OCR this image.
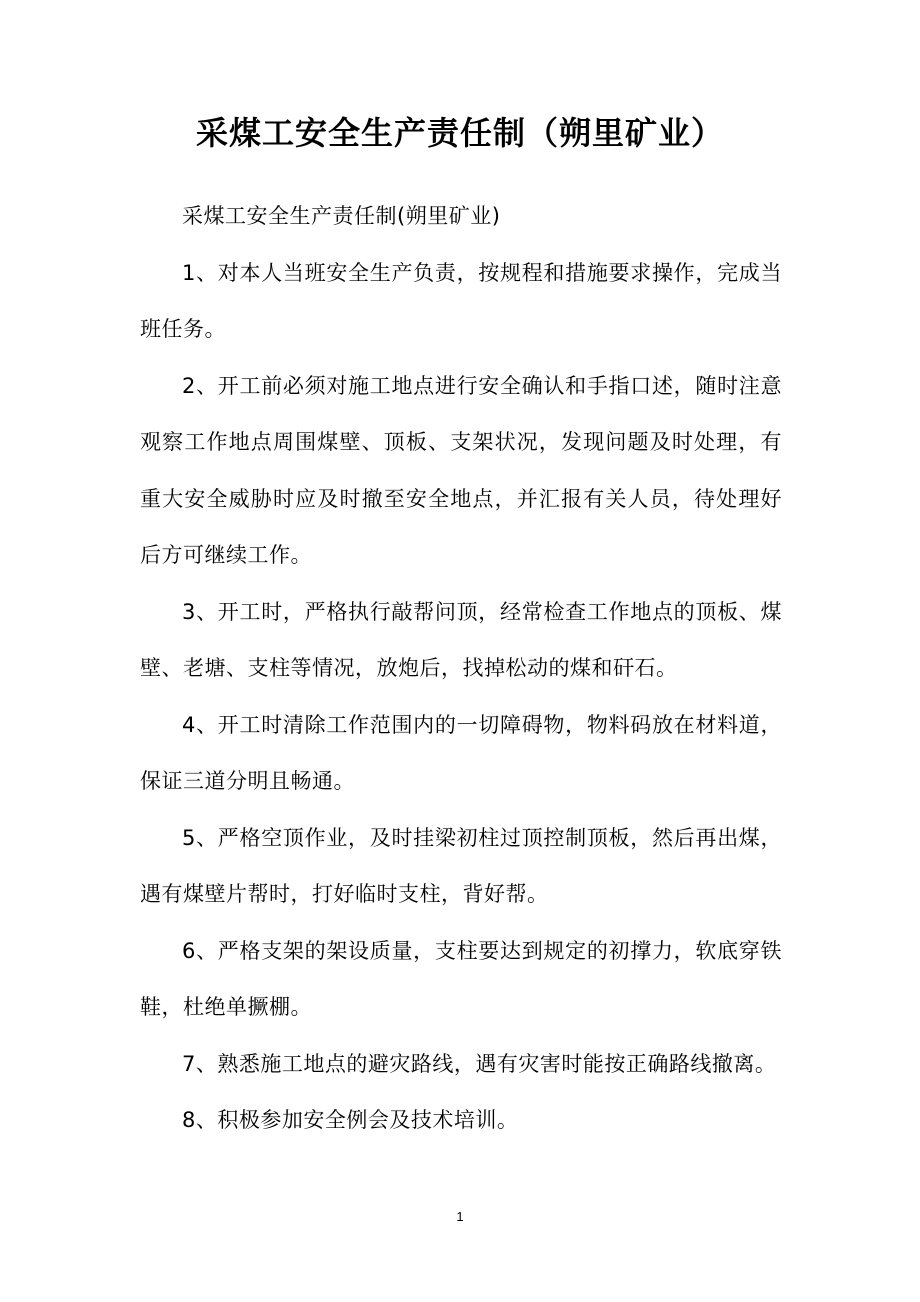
采煤工安全生产责任制（朔里矿业）

采煤工安全生产责任制(朔里矿业)

1、对本人当班安全生产负责，按规程和措施要求操作，完成当班任务。

2、开工前必须对施工地点进行安全确认和手指口述，随时注意观察工作地点周围煤壁、顶板、支架状况，发现问题及时处理，有重大安全威胁时应及时撤至安全地点，并汇报有关人员，待处理好后方可继续工作。

3、开工时，严格执行敲帮问顶，经常检查工作地点的顶板、煤壁、老塘、支柱等情况，放炮后，找掉松动的煤和矸石。

4、开工时清除工作范围内的一切障碍物，物料码放在材料道，保证三道分明且畅通。

5、严格空顶作业，及时挂梁初柱过顶控制顶板，然后再出煤，遇有煤壁片帮时，打好临时支柱，背好帮。

6、严格支架的架设质量，支柱要达到规定的初撑力，软底穿铁鞋，杜绝单撅棚。

7、熟悉施工地点的避灾路线，遇有灾害时能按正确路线撤离。

8、积极参加安全例会及技术培训。

1
